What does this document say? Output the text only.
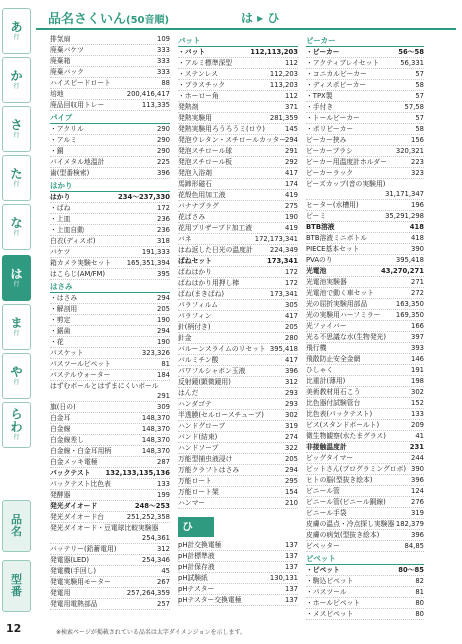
あ
行
か
行
さ
行
た
行
な
行
は
行
ま
行
や
行
ら
わ
行
品
名
型
番
品名さくいん(50音順)	は ▸ ひ
排気扇	109
廃棄バケツ	333
廃棄箱	333
廃棄バック	333
ハイスピードロート	88
培地	200,416,417
廃品回収用トレー	113,335
パイプ
・アクリル	290
・アルミ	290
・銅	290
バイメタル地温計	225
歯(型番検索)	396
はかり
はかり	234〜237,330
・ばね	172
・上皿	236
・上皿自動	236
白衣(ディスポ)	318
バケツ	191,333
箱カメラ実験セット 165,351,394
はこらじ(AM/FM)	395
はさみ
・はさみ	294
・解剖用	205
・剪定	190
・鋸歯	294
・花	190
パスケット	323,326
パスツールピペット	81
パステルウォーター	184
はずむボールとはずまにくいボール
291
旗(日の)	309
白金耳	148,370
白金線	148,370
白金線差し	148,370
白金線・白金耳用柄	148,370
白金メッキ電極	287
パックテスト 132,133,135,136
パックテスト比色表	133
発酵器	199
発光ダイオード	248〜253
発光ダイオード台	251,252,358
発光ダイオード・豆電球比較実験器
254,361
バッテリー(鉛蓄電用)	312
発電器(LED)	254,346
発電機(手回し)	45
発電実験用モーター	267
発電用	257,264,359
発電用電熱部品	257
バット
・バット	112,113,203
・アルミ標準深型	112
・ステンレス	112,203
・プラスチック	113,203
・ホーロー角	112
発熱剤	371
発熱実験用	281,359
発熱実験用ろうろうミ(ロウ)	145
発泡ウレタン・スチロールカッター
294
発泡スチロール球	291
発泡スチロール板	292
発泡入浴剤	417
馬蹄形磁石	174
花殻色用加工液	419
バナナプラグ	275
花ばさみ	190
花用プリザーブド加工液	419
バネ	172,173,341
はね返した日光の温度計	224,349
ばねセット	173,341
ばねはかり	172
ばねはかり用押し棒	172
ばね(まきばね)	173,341
パラフィルム	305
パラフィン	417
針(柄付き)	205
針金	280
バルーンスライムのリセット 395,418
バルミチン酸	417
パワフルシャボン玉液	396
反射鏡(顕微鏡用)	312
はんだ	293
ハンダゴテ	293
半透膜(セルロースチューブ)	302
ハンドグローブ	319
バンド(結束)	274
ハンドソープ	322
万能型捕虫液浸け	205
万能クラフトはさみ	294
万能ロート	295
万能ロート架	154
ハンマー	210
ひ
pH計交換電極	137
pH計標準液	137
pH計保存液	137
pH試験紙	130,131
pHテスター	137
pHテスター交換電極	137
ビーカー
・ビーカー	56〜58
・アクティブレイセット	56,331
・コニカルビーカー	57
・ディスポビーカー	58
・TPX製	57
・手付き	57,58
・トールビーカー	57
・ポリビーカー	58
ビーカー挟み	156
ビーカーブラシ	320,321
ビーカー用温度計ホルダー	223
ビーカーラック	323
ビーズカップ(音の実験用)
31,171,347
ヒーター(水槽用)	196
ピーミ	35,291,298
BTB溶液	418
BTB溶液ミニボトル	418
PIECE基本セット	390
PVAのり	395,418
光電池	43,270,271
光電池実験器	271
光電池で動く車セット	272
光の屈折実験用部品	163,350
光の実験用ハーフミラー 169,350
光ファイバー	166
光る不思議な水(生物発光)	397
飛行機	393
飛散防止安全金網	146
ひしゃく	191
比重計(薄用)	198
美術教材用石こう	302
比色器付試験管台	152
比色表(パックテスト)	133
ビス(スタンドボールト)	209
微生物観察(水たまグラス)	41
非接触温度計	231
ビッグタイマー	244
ピットさん(プログラミングロボ) 390
ヒトの脳(型抜き絵本)	396
ビニール管	124
ビニール管(ビニール銅線)	276
ビニール手袋	319
皮膚の温点・冷点探し実験器 182,379
皮膚の病気(型抜き絵本)	396
ビペッター	84,85
ピペット
・ピペット	80〜85
・駒込ピペット	82
・パスツール	81
・ホールピペット	80
・メスピペット	80
12	※検索ページが掲載されている品名は太字ダイメンジョンを示します。
